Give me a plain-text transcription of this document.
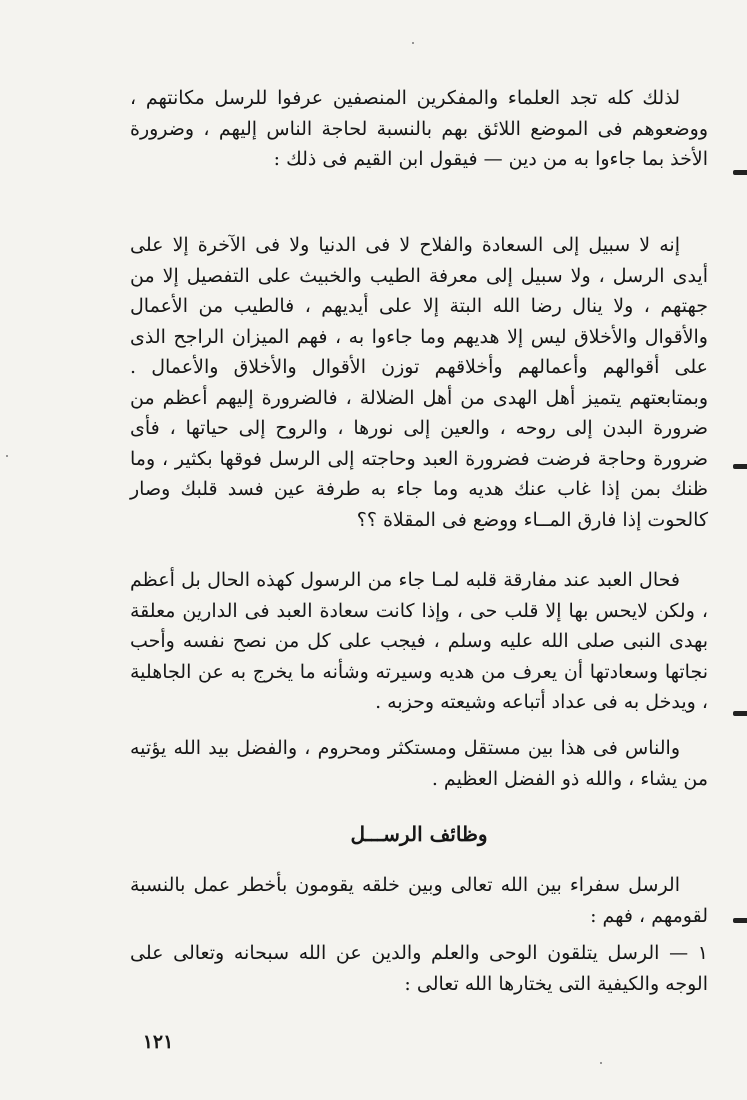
لذلك كله تجد العلماء والمفكرين المنصفين عرفوا للرسل مكانتهم ، ووضعوهم فى الموضع اللائق بهم بالنسبة لحاجة الناس إليهم ، وضرورة الأخذ بما جاءوا به من دين — فيقول ابن القيم فى ذلك :

إنه لا سبيل إلى السعادة والفلاح لا فى الدنيا ولا فى الآخرة إلا على أيدى الرسل ، ولا سبيل إلى معرفة الطيب والخبيث على التفصيل إلا من جهتهم ، ولا ينال رضا الله البتة إلا على أيديهم ، فالطيب من الأعمال والأقوال والأخلاق ليس إلا هديهم وما جاءوا به ، فهم الميزان الراجح الذى على أقوالهم وأعمالهم وأخلاقهم توزن الأقوال والأخلاق والأعمال . وبمتابعتهم يتميز أهل الهدى من أهل الضلالة ، فالضرورة إليهم أعظم من ضرورة البدن إلى روحه ، والعين إلى نورها ، والروح إلى حياتها ، فأى ضرورة وحاجة فرضت فضرورة العبد وحاجته إلى الرسل فوقها بكثير ، وما ظنك بمن إذا غاب عنك هديه وما جاء به طرفة عين فسد قلبك وصار كالحوت إذا فارق المــاء ووضع فى المقلاة ؟؟

فحال العبد عند مفارقة قلبه لمـا جاء من الرسول كهذه الحال بل أعظم ، ولكن لايحس بها إلا قلب حى ، وإذا كانت سعادة العبد فى الدارين معلقة بهدى النبى صلى الله عليه وسلم ، فيجب على كل من نصح نفسه وأحب نجاتها وسعادتها أن يعرف من هديه وسيرته وشأنه ما يخرج به عن الجاهلية ، ويدخل به فى عداد أتباعه وشيعته وحزبه .

والناس فى هذا بين مستقل ومستكثر ومحروم ، والفضل بيد الله يؤتيه من يشاء ، والله ذو الفضل العظيم .

وظائف الرســـل

الرسل سفراء بين الله تعالى وبين خلقه يقومون بأخطر عمل بالنسبة لقومهم ، فهم :

١ — الرسل يتلقون الوحى والعلم والدين عن الله سبحانه وتعالى على الوجه والكيفية التى يختارها الله تعالى :

١٢١
